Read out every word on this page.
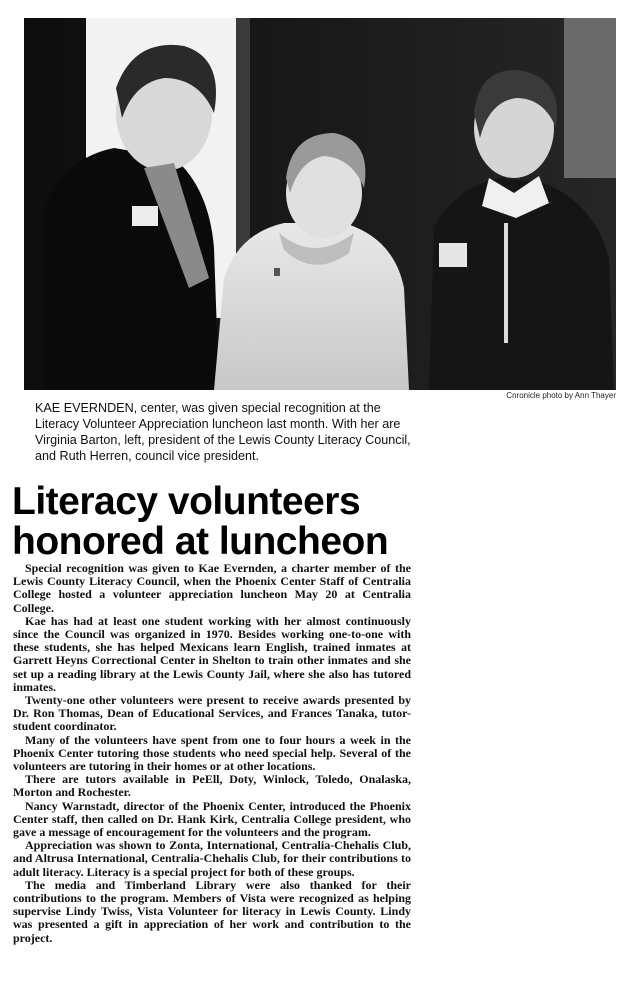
Cnronicle photo by Ann Thayer

KAE EVERNDEN, center, was given special recognition at the Literacy Volunteer Appreciation luncheon last month. With her are Virginia Barton, left, president of the Lewis County Literacy Council, and Ruth Herren, council vice president.

Literacy volunteers
honored at luncheon

Special recognition was given to Kae Evernden, a charter member of the Lewis County Literacy Council, when the Phoenix Center Staff of Centralia College hosted a volunteer appreciation luncheon May 20 at Centralia College.

Kae has had at least one student working with her almost continuously since the Council was organized in 1970. Besides working one-to-one with these students, she has helped Mexicans learn English, trained inmates at Garrett Heyns Correctional Center in Shelton to train other inmates and she set up a reading library at the Lewis County Jail, where she also has tutored inmates.

Twenty-one other volunteers were present to receive awards presented by Dr. Ron Thomas, Dean of Educational Services, and Frances Tanaka, tutor-student coordinator.

Many of the volunteers have spent from one to four hours a week in the Phoenix Center tutoring those students who need special help. Several of the volunteers are tutoring in their homes or at other locations.

There are tutors available in PeEll, Doty, Winlock, Toledo, Onalaska, Morton and Rochester.

Nancy Warnstadt, director of the Phoenix Center, introduced the Phoenix Center staff, then called on Dr. Hank Kirk, Centralia College president, who gave a message of encouragement for the volunteers and the program.

Appreciation was shown to Zonta, International, Centralia-Chehalis Club, and Altrusa International, Centralia-Chehalis Club, for their contributions to adult literacy. Literacy is a special project for both of these groups.

The media and Timberland Library were also thanked for their contributions to the program. Members of Vista were recognized as helping supervise Lindy Twiss, Vista Volunteer for literacy in Lewis County. Lindy was presented a gift in appreciation of her work and contribution to the project.
